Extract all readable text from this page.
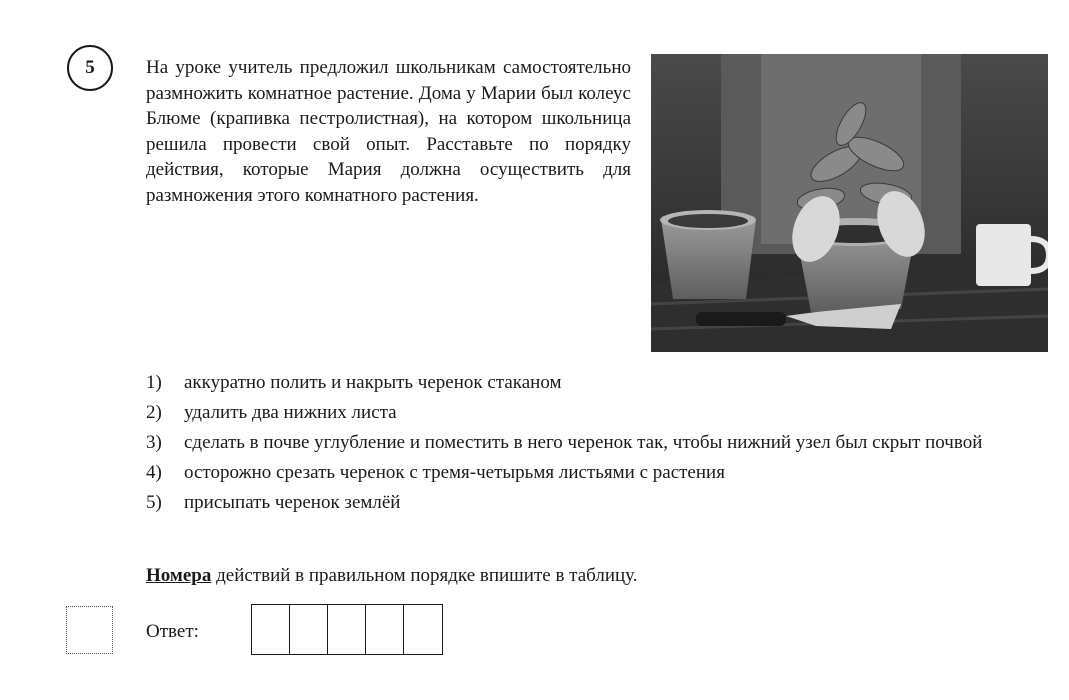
5	На уроке учитель предложил школьникам самостоятельно размножить комнатное растение. Дома у Марии был колеус Блюме (крапивка пестролистная), на котором школьница решила провести свой опыт. Расставьте по порядку действия, которые Мария должна осуществить для размножения этого комнатного растения.

1)	аккуратно полить и накрыть черенок стаканом
2)	удалить два нижних листа
3)	сделать в почве углубление и поместить в него черенок так, чтобы нижний узел был скрыт почвой
4)	осторожно срезать черенок с тремя-четырьмя листьями с растения
5)	присыпать черенок землёй

Номера действий в правильном порядке впишите в таблицу.

Ответ:
